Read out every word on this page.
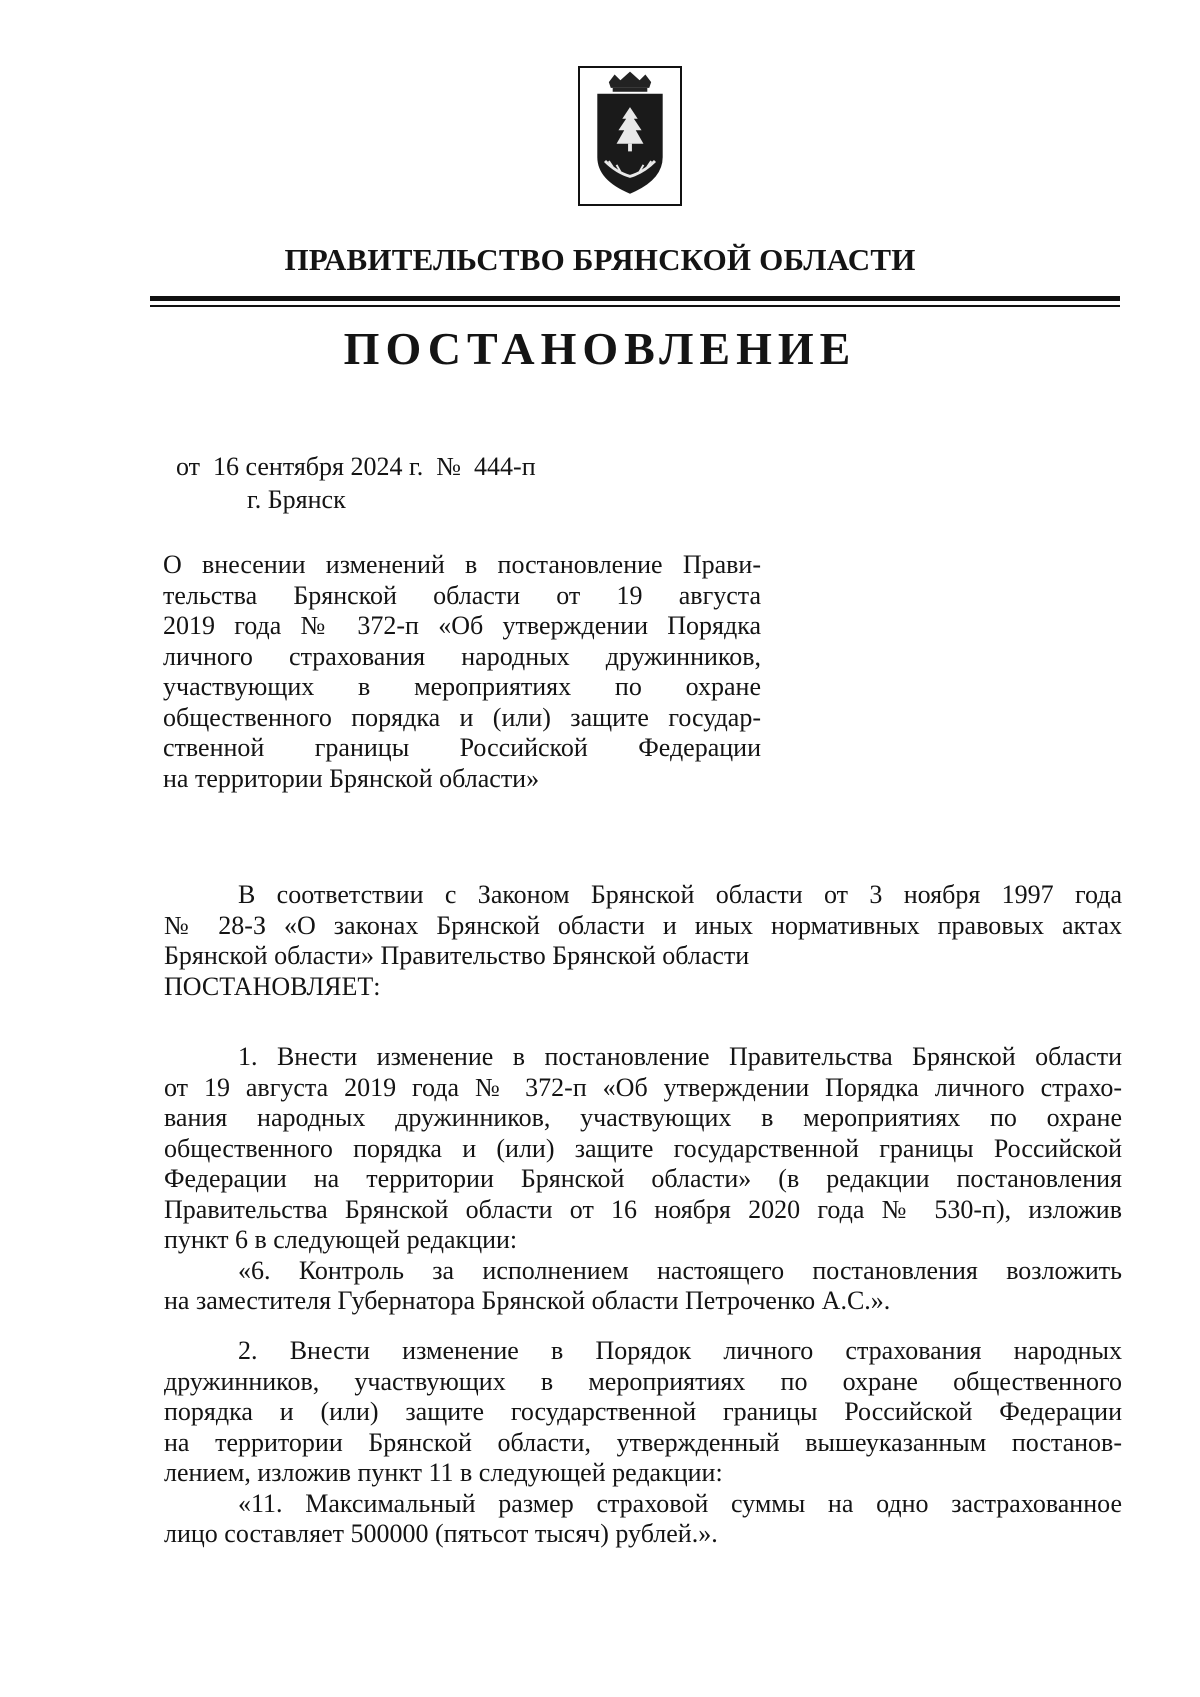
ПРАВИТЕЛЬСТВО БРЯНСКОЙ ОБЛАСТИ
ПОСТАНОВЛЕНИЕ
от  16 сентября 2024 г.  №  444-п
г. Брянск
О внесении изменений в постановление Прави-
тельства Брянской области от 19 августа
2019 года № 372-п «Об утверждении Порядка
личного страхования народных дружинников,
участвующих в мероприятиях по охране
общественного порядка и (или) защите государ-
ственной границы Российской Федерации
на территории Брянской области»
В соответствии с Законом Брянской области от 3 ноября 1997 года
№ 28-З «О законах Брянской области и иных нормативных правовых актах
Брянской области» Правительство Брянской области
ПОСТАНОВЛЯЕТ:
1. Внести изменение в постановление Правительства Брянской области
от 19 августа 2019 года № 372-п «Об утверждении Порядка личного страхо-
вания народных дружинников, участвующих в мероприятиях по охране
общественного порядка и (или) защите государственной границы Российской
Федерации на территории Брянской области» (в редакции постановления
Правительства Брянской области от 16 ноября 2020 года № 530-п), изложив
пункт 6 в следующей редакции:
«6. Контроль за исполнением настоящего постановления возложить
на заместителя Губернатора Брянской области Петроченко А.С.».
2. Внести изменение в Порядок личного страхования народных
дружинников, участвующих в мероприятиях по охране общественного
порядка и (или) защите государственной границы Российской Федерации
на территории Брянской области, утвержденный вышеуказанным постанов-
лением, изложив пункт 11 в следующей редакции:
«11. Максимальный размер страховой суммы на одно застрахованное
лицо составляет 500000 (пятьсот тысяч) рублей.».
